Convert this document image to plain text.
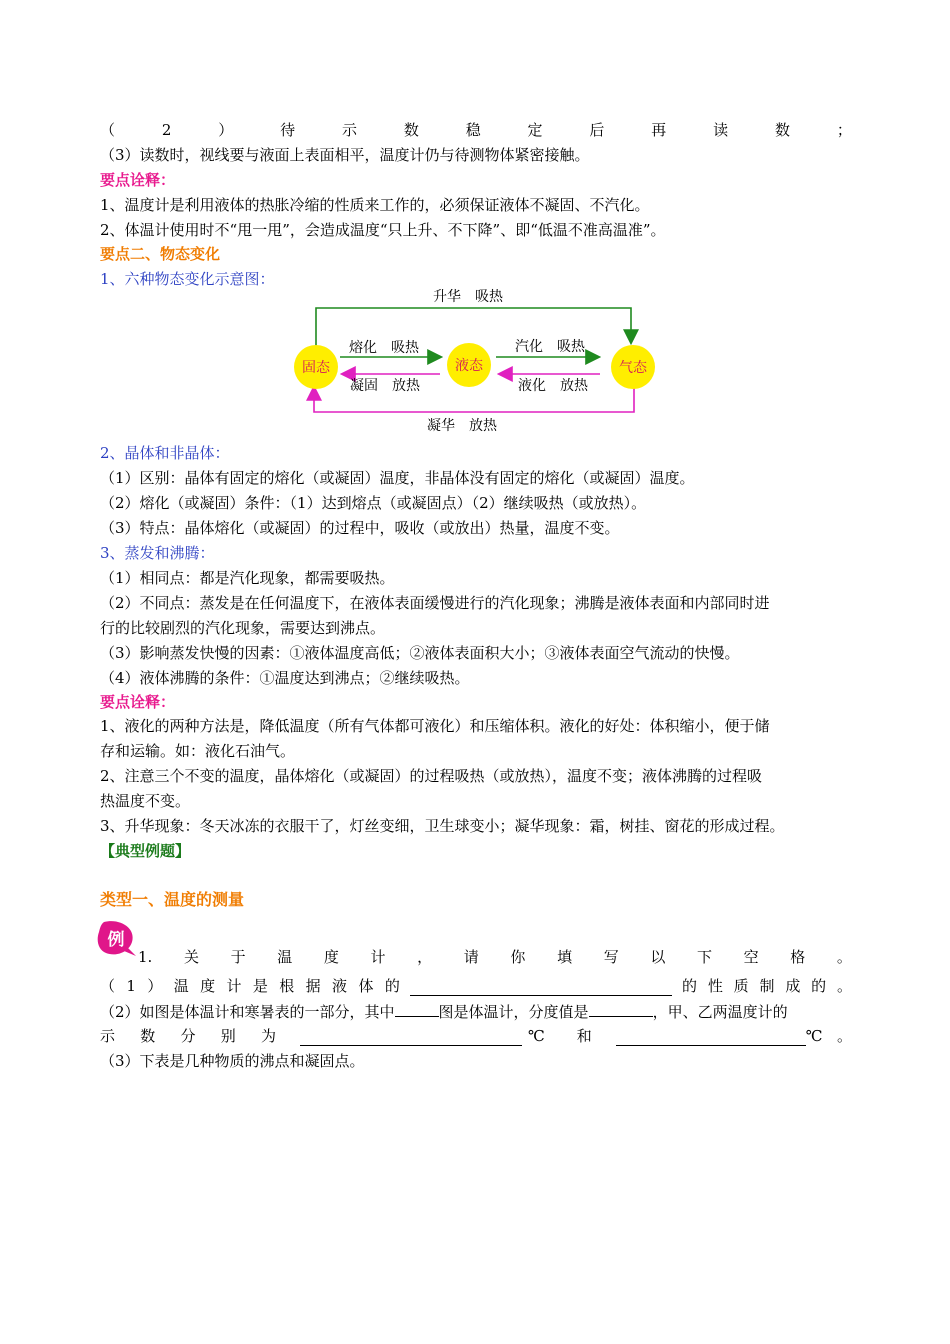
（	2	）	待	示	数	稳	定	后	再	读	数	；
（3）读数时，视线要与液面上表面相平，温度计仍与待测物体紧密接触。
要点诠释：
1、温度计是利用液体的热胀冷缩的性质来工作的，必须保证液体不凝固、不汽化。
2、体温计使用时不“甩一甩”，会造成温度“只上升、不下降”、即“低温不准高温准”。
要点二、物态变化
1、六种物态变化示意图：
固态	液态	气态
升华　吸热
熔化　吸热	汽化　吸热
凝固　放热	液化　放热
凝华　放热
2、晶体和非晶体：
（1）区别：晶体有固定的熔化（或凝固）温度，非晶体没有固定的熔化（或凝固）温度。
（2）熔化（或凝固）条件：（1）达到熔点（或凝固点）（2）继续吸热（或放热）。
（3）特点：晶体熔化（或凝固）的过程中，吸收（或放出）热量，温度不变。
3、蒸发和沸腾：
（1）相同点：都是汽化现象，都需要吸热。
（2）不同点：蒸发是在任何温度下，在液体表面缓慢进行的汽化现象；沸腾是液体表面和内部同时进
行的比较剧烈的汽化现象，需要达到沸点。
（3）影响蒸发快慢的因素：①液体温度高低；②液体表面积大小；③液体表面空气流动的快慢。
（4）液体沸腾的条件：①温度达到沸点；②继续吸热。
要点诠释：
1、液化的两种方法是，降低温度（所有气体都可液化）和压缩体积。液化的好处：体积缩小，便于储
存和运输。如：液化石油气。
2、注意三个不变的温度，晶体熔化（或凝固）的过程吸热（或放热），温度不变；液体沸腾的过程吸
热温度不变。
3、升华现象：冬天冰冻的衣服干了，灯丝变细，卫生球变小；凝华现象：霜，树挂、窗花的形成过程。
【典型例题】
类型一、温度的测量
例
1. 关 于 温 度 计 ， 请 你 填 写 以 下 空 格 。
（ 1 ） 温 度 计 是 根 据 液 体 的	的 性 质 制 成 的 。
（2）如图是体温计和寒暑表的一部分，其中	图是体温计，分度值是	，甲、乙两温度计的
示 数 分 别 为	℃ 和	℃ 。
（3）下表是几种物质的沸点和凝固点。
